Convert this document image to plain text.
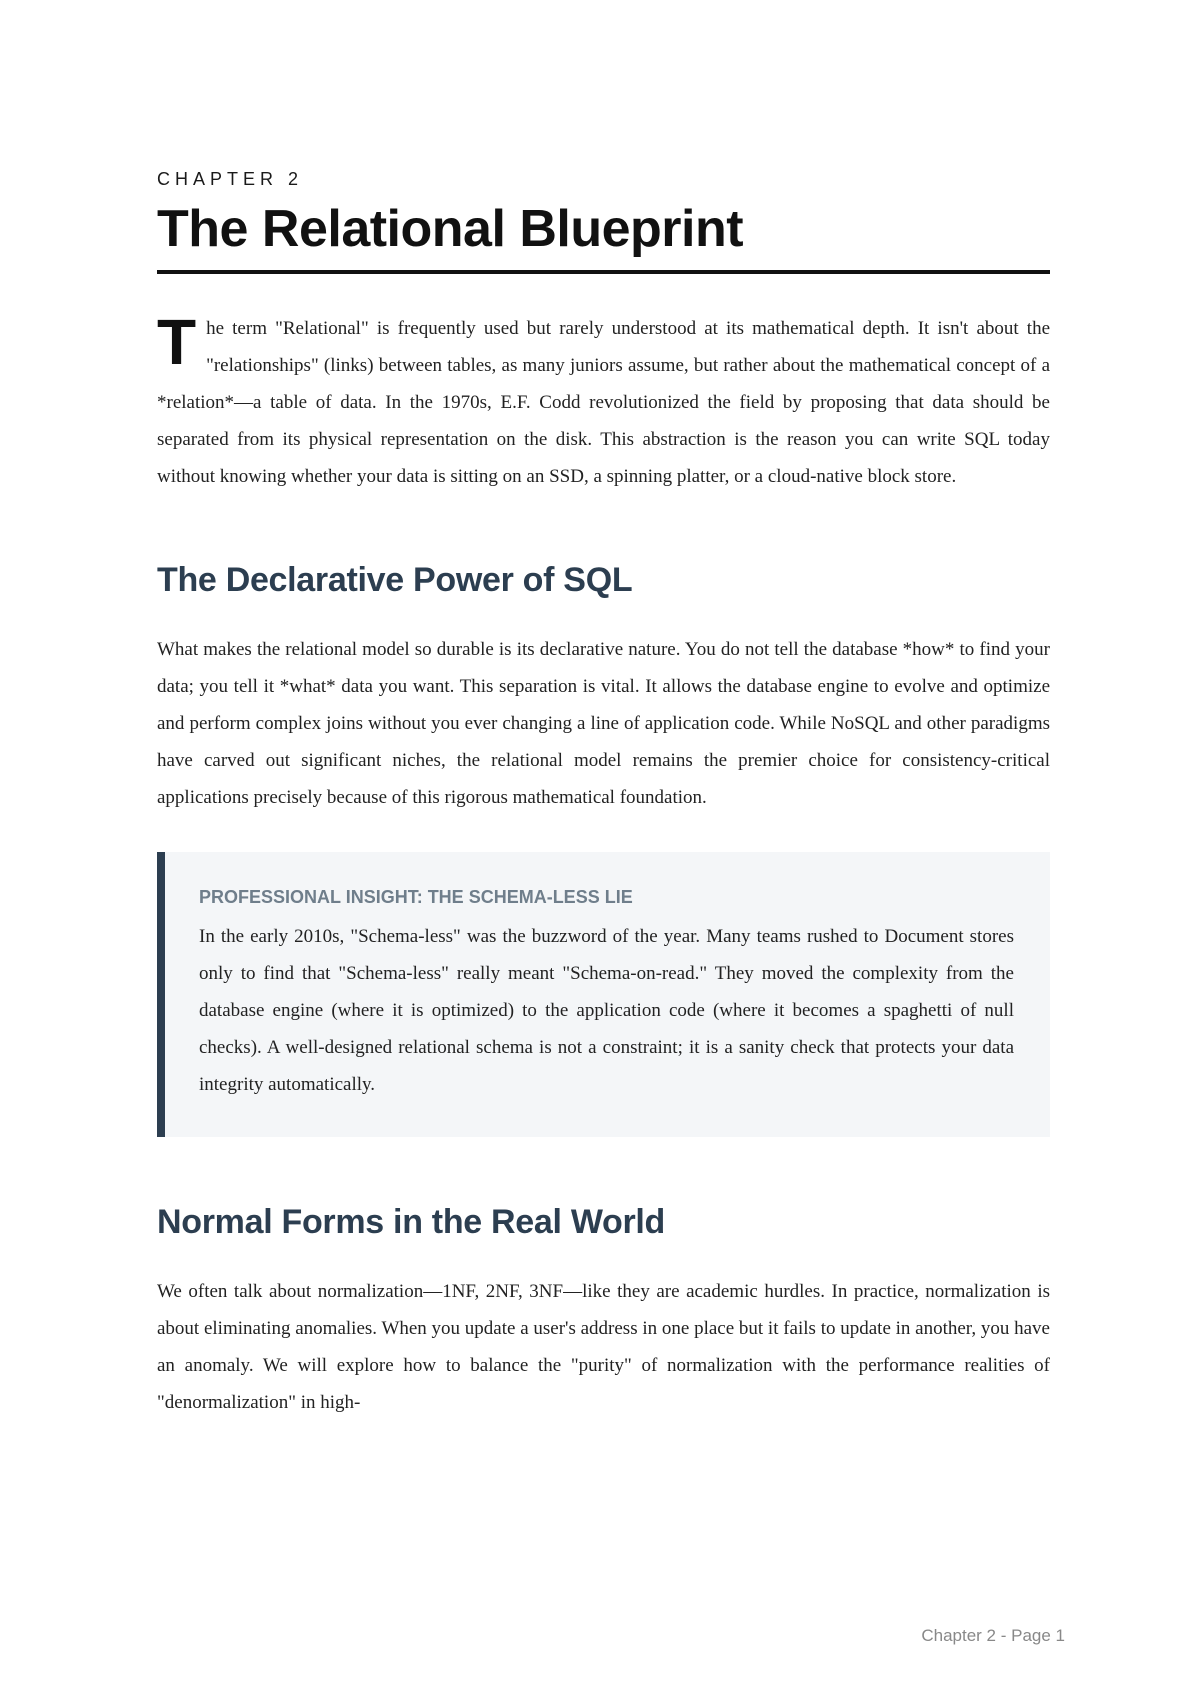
CHAPTER 2
The Relational Blueprint

The term "Relational" is frequently used but rarely understood at its mathematical depth. It isn't about the "relationships" (links) between tables, as many juniors assume, but rather about the mathematical concept of a *relation*—a table of data. In the 1970s, E.F. Codd revolutionized the field by proposing that data should be separated from its physical representation on the disk. This abstraction is the reason you can write SQL today without knowing whether your data is sitting on an SSD, a spinning platter, or a cloud-native block store.

The Declarative Power of SQL

What makes the relational model so durable is its declarative nature. You do not tell the database *how* to find your data; you tell it *what* data you want. This separation is vital. It allows the database engine to evolve and optimize and perform complex joins without you ever changing a line of application code. While NoSQL and other paradigms have carved out significant niches, the relational model remains the premier choice for consistency-critical applications precisely because of this rigorous mathematical foundation.

PROFESSIONAL INSIGHT: THE SCHEMA-LESS LIE

In the early 2010s, "Schema-less" was the buzzword of the year. Many teams rushed to Document stores only to find that "Schema-less" really meant "Schema-on-read." They moved the complexity from the database engine (where it is optimized) to the application code (where it becomes a spaghetti of null checks). A well-designed relational schema is not a constraint; it is a sanity check that protects your data integrity automatically.

Normal Forms in the Real World

We often talk about normalization—1NF, 2NF, 3NF—like they are academic hurdles. In practice, normalization is about eliminating anomalies. When you update a user's address in one place but it fails to update in another, you have an anomaly. We will explore how to balance the "purity" of normalization with the performance realities of "denormalization" in high-

Chapter 2 - Page 1
